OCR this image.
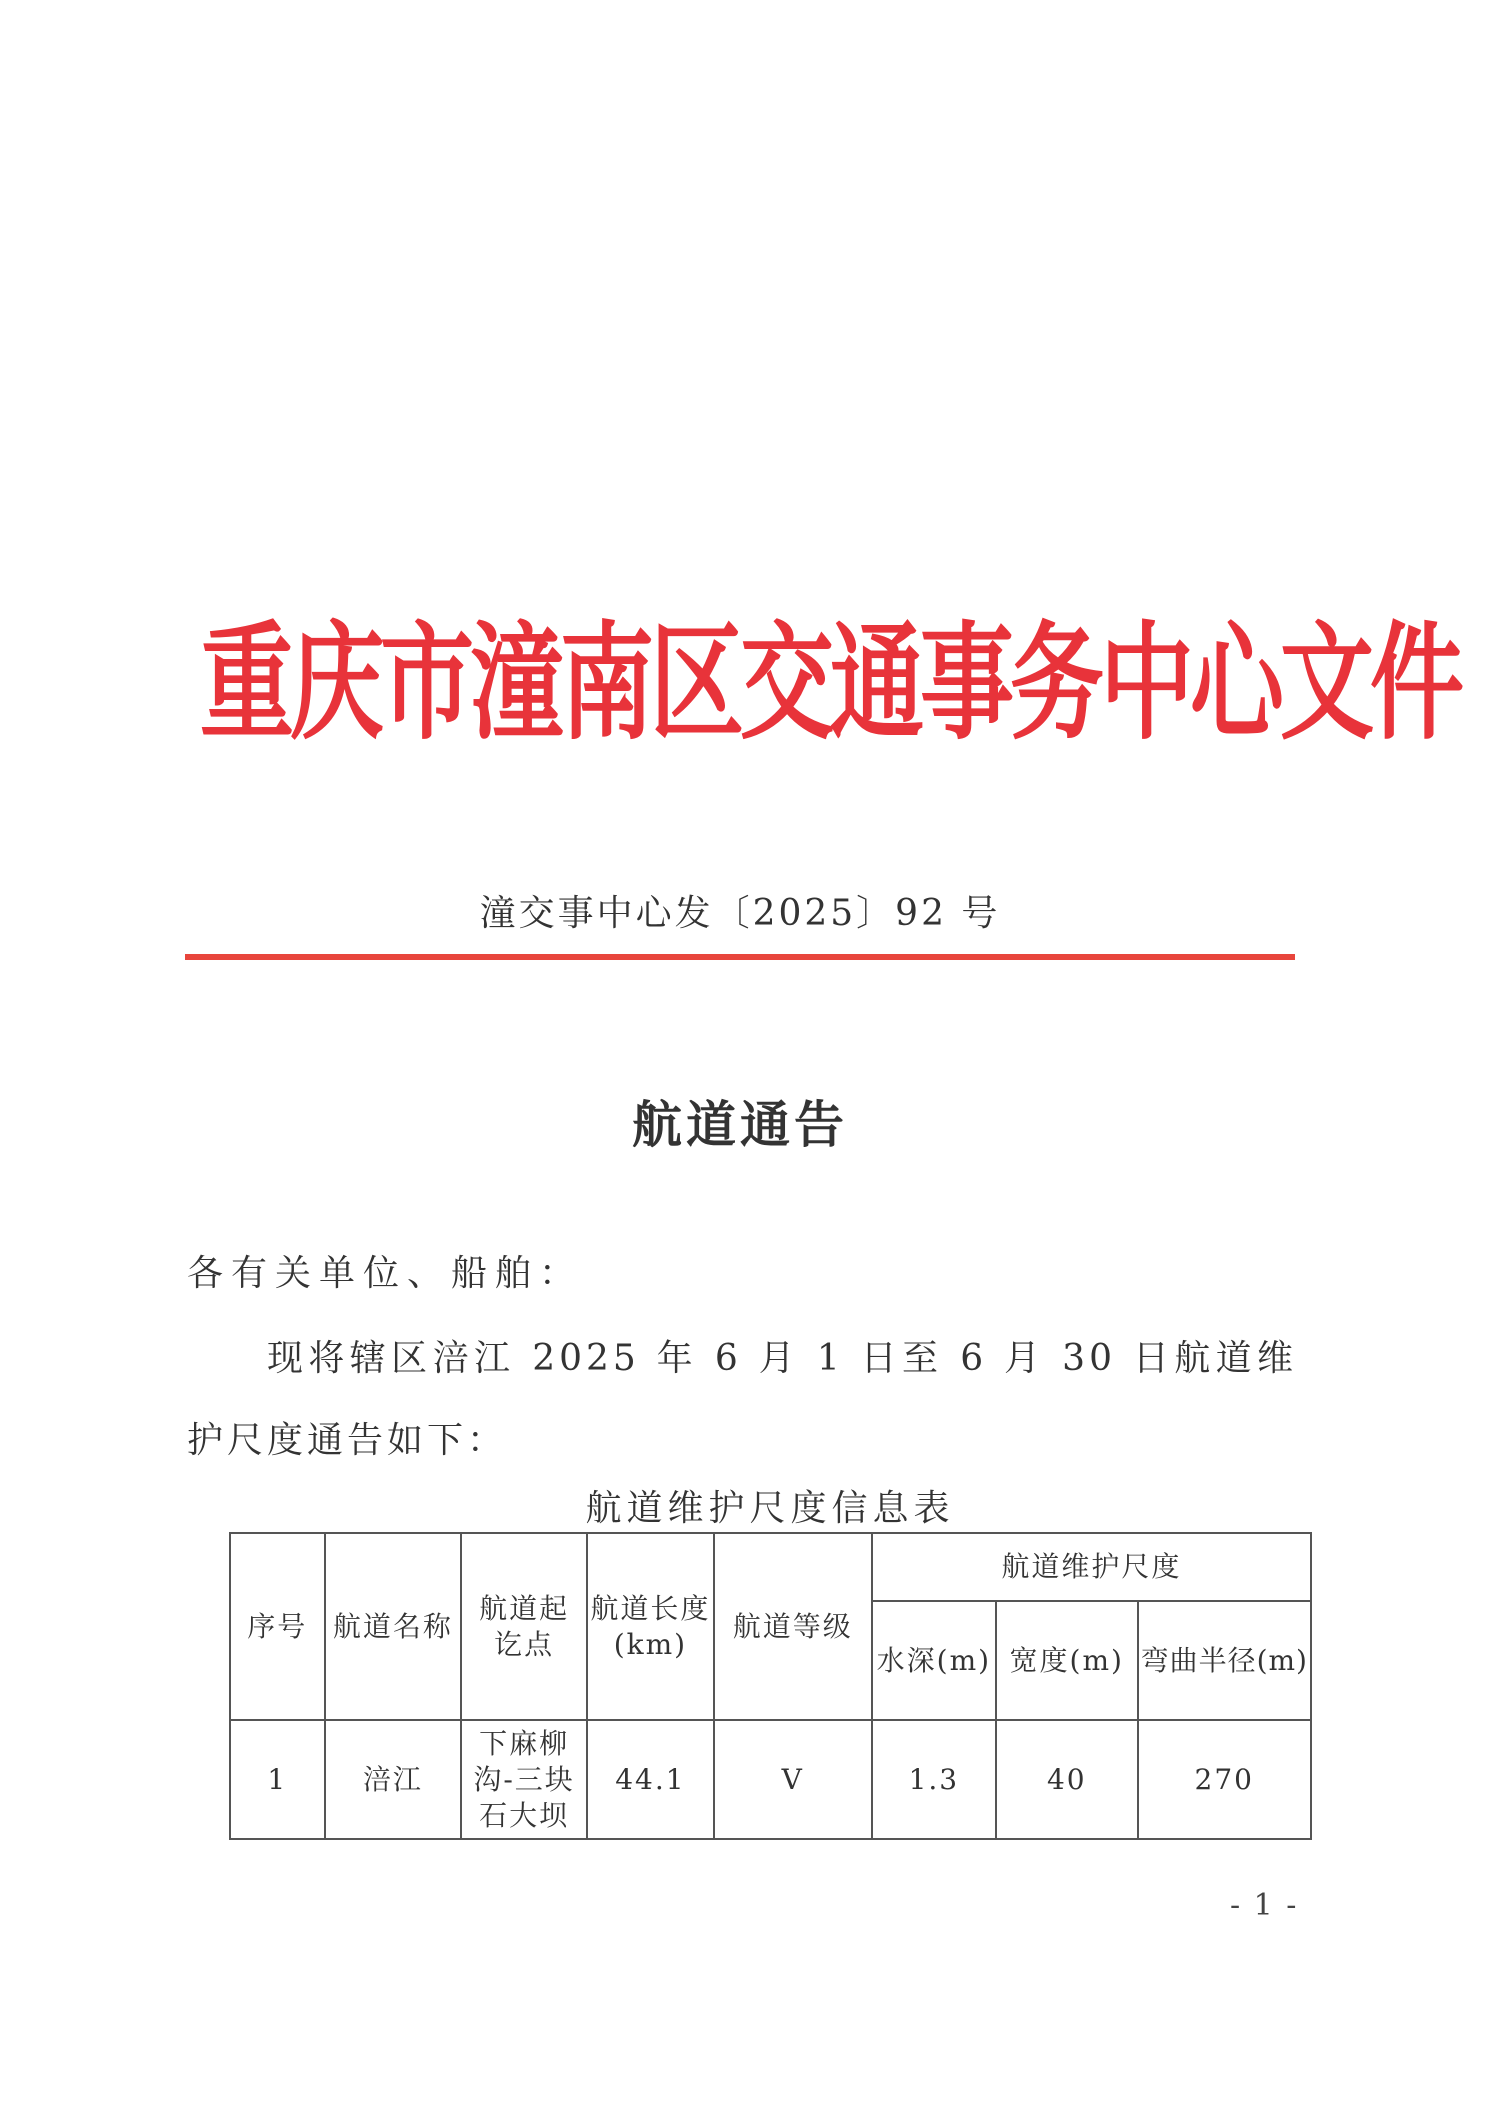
重庆市潼南区交通事务中心文件
潼交事中心发〔2025〕92 号
航道通告
各有关单位、船舶：
现将辖区涪江 2025 年 6 月 1 日至 6 月 30 日航道维护尺度通告如下：
航道维护尺度信息表
序号	航道名称	航道起讫点	航道长度(km)	航道等级	航道维护尺度		
					水深(m)	宽度(m)	弯曲半径(m)
1	涪江	下麻柳沟-三块石大坝	44.1	V	1.3	40	270
- 1 -
